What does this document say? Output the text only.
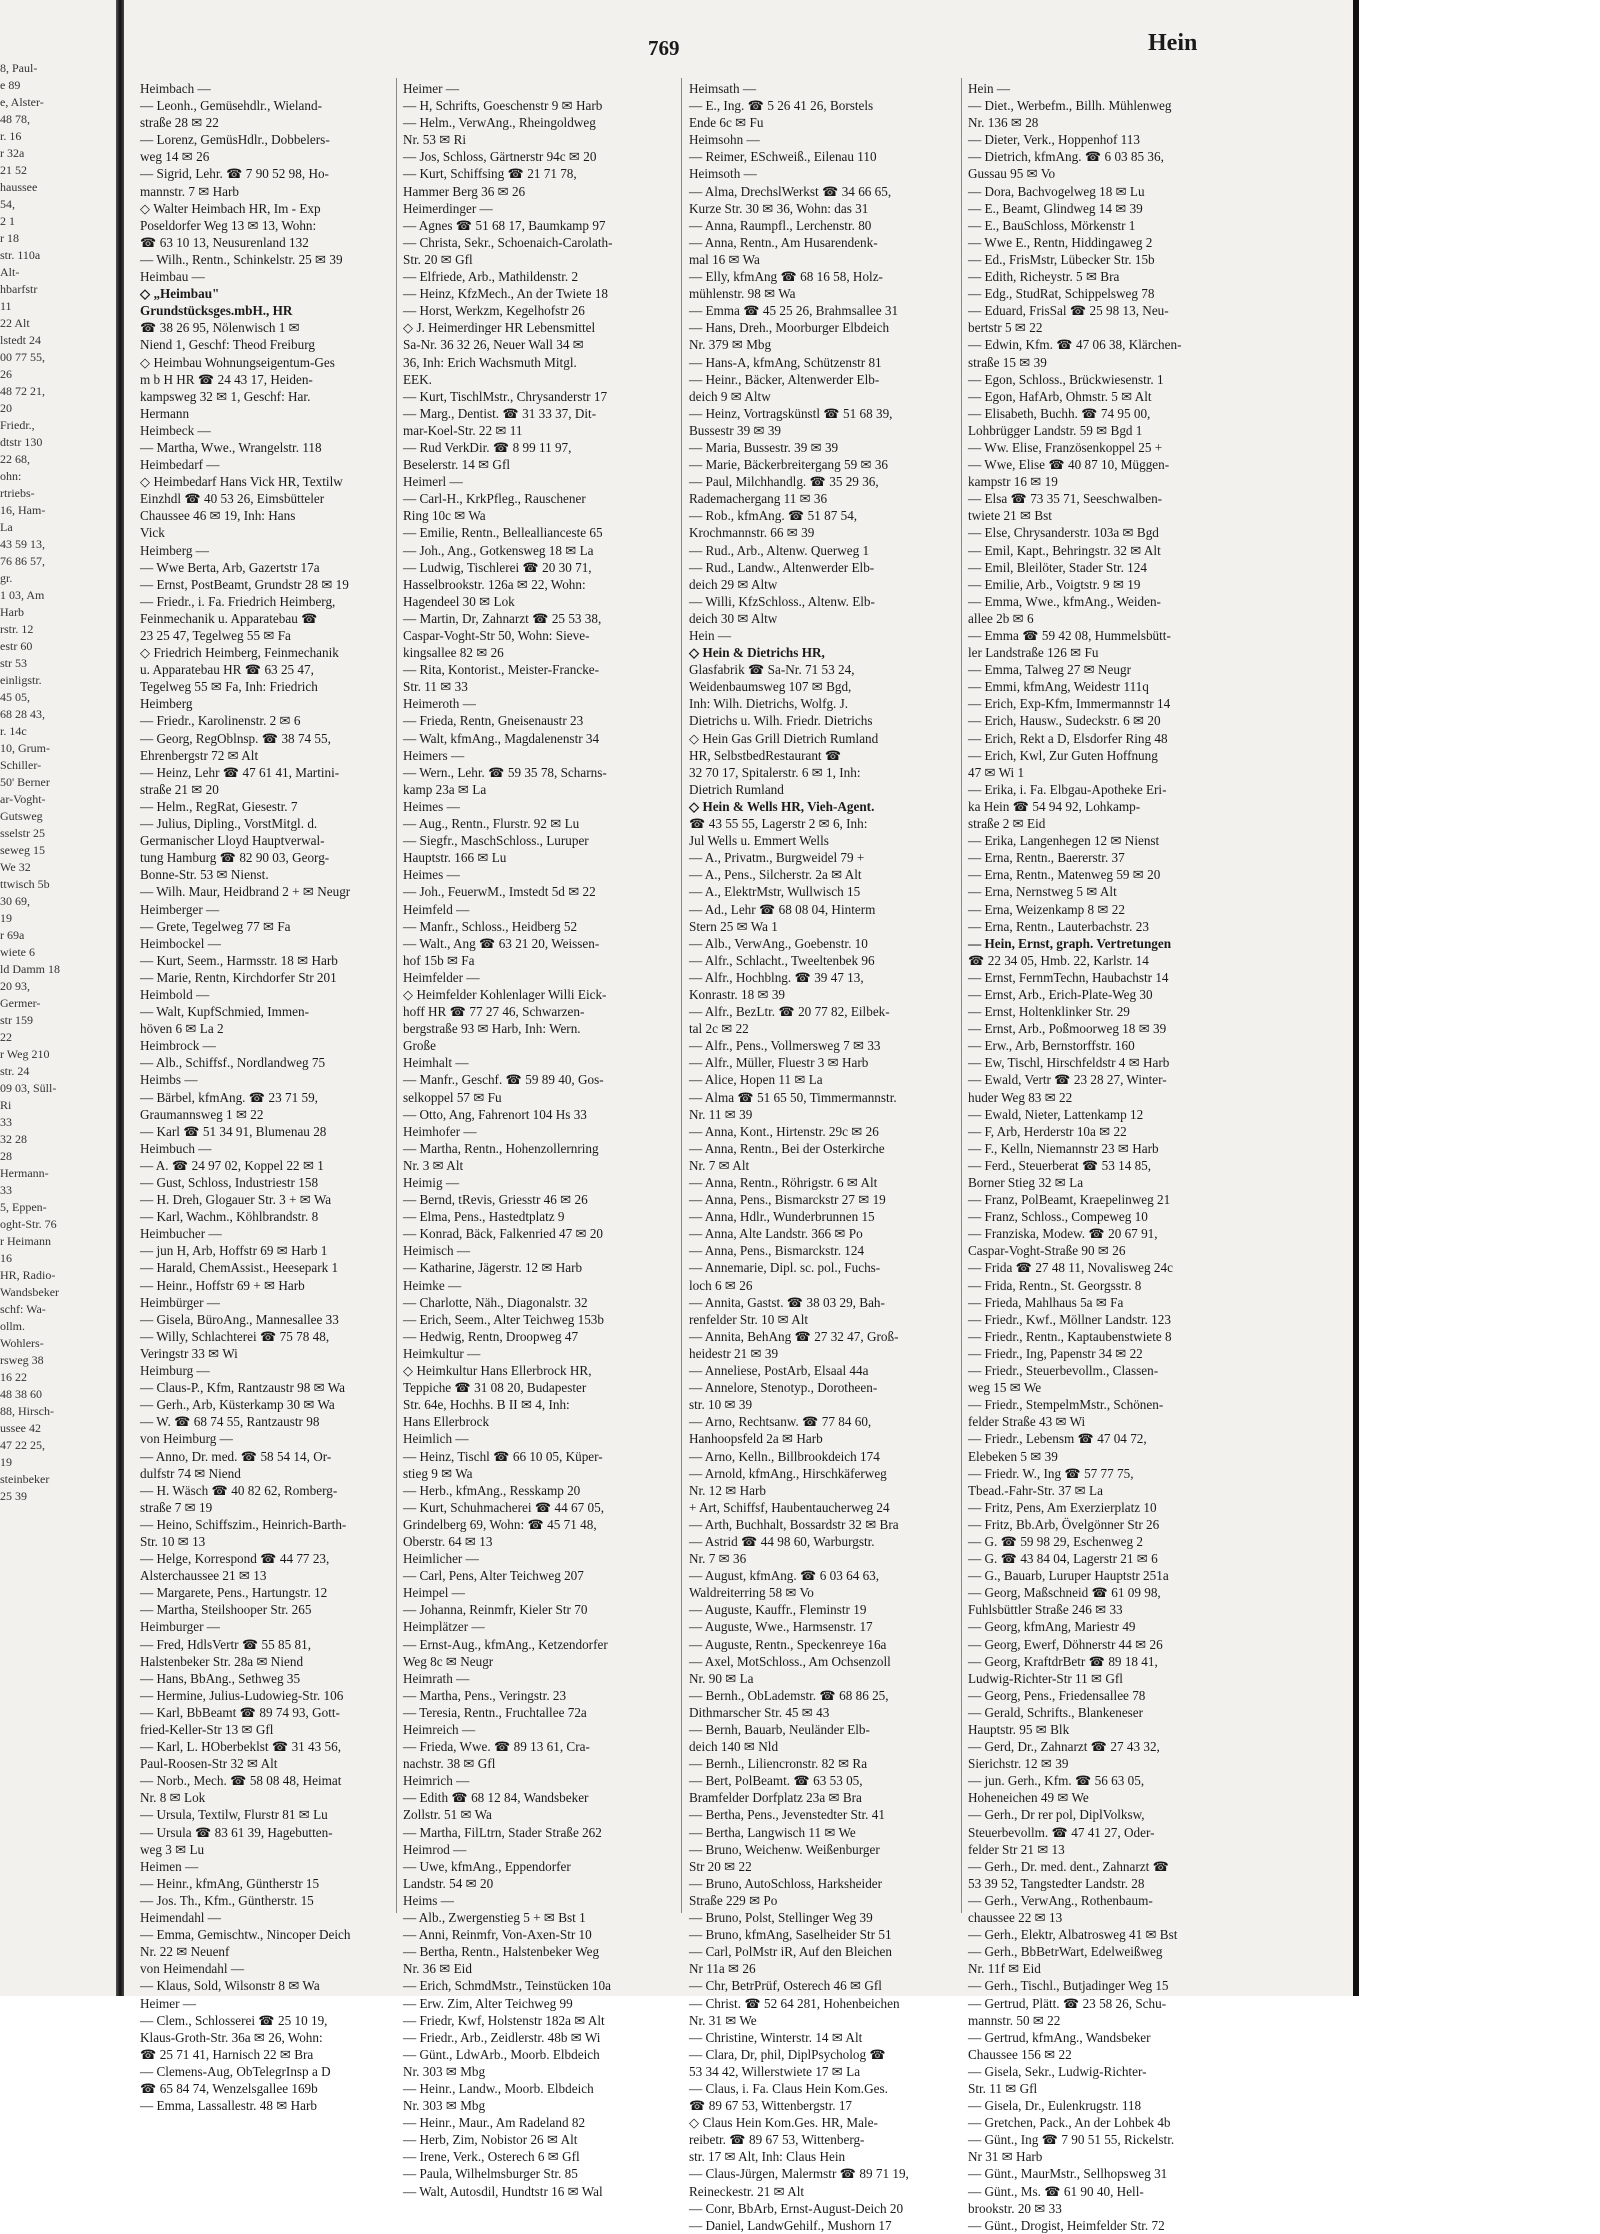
8, Paul-
e 89
e, Alster-
48 78,
r. 16
r 32a
21 52
haussee
54,
2 1
r 18
str. 110a
Alt-
hbarfstr
11
22 Alt
lstedt 24
00 77 55,
26
48 72 21,
20
Friedr.,
dtstr 130
22 68,
ohn:
rtriebs-
16, Ham-
La
43 59 13,
76 86 57,
gr.
1 03, Am
Harb
rstr. 12
estr 60
str 53
einligstr.
45 05,
68 28 43,
r. 14c
10, Grum-
Schiller-
50' Berner
ar-Voght-
Gutsweg
sselstr 25
seweg 15
We 32
ttwisch 5b
30 69,
19
r 69a
wiete 6
ld Damm 18
20 93,
Germer-
str 159
22
r Weg 210
str. 24
09 03, Süll-
Ri
33
32 28
28
Hermann-
33
5, Eppen-
oght-Str. 76
r Heimann
16
HR, Radio-
Wandsbeker
schf: Wa-
ollm.
Wohlers-
rsweg 38
16 22
48 38 60
88, Hirsch-
ussee 42
47 22 25,
19
steinbeker
25 39
769	Hein
Heimbach —
— Leonh., Gemüsehdlr., Wieland-
straße 28 ✉ 22
— Lorenz, GemüsHdlr., Dobbelers-
weg 14 ✉ 26
— Sigrid, Lehr. ☎ 7 90 52 98, Ho-
mannstr. 7 ✉ Harb
◇ Walter Heimbach HR, Im - Exp
Poseldorfer Weg 13 ✉ 13, Wohn:
☎ 63 10 13, Neusurenland 132
— Wilh., Rentn., Schinkelstr. 25 ✉ 39
Heimbau —
◇ „Heimbau"
Grundstücksges.mbH., HR
☎ 38 26 95, Nölenwisch 1 ✉
Niend 1, Geschf: Theod Freiburg
◇ Heimbau Wohnungseigentum-Ges
m b H HR ☎ 24 43 17, Heiden-
kampsweg 32 ✉ 1, Geschf: Har.
Hermann
Heimbeck —
— Martha, Wwe., Wrangelstr. 118
Heimbedarf —
◇ Heimbedarf Hans Vick HR, Textilw
Einzhdl ☎ 40 53 26, Eimsbütteler
Chaussee 46 ✉ 19, Inh: Hans
Vick
Heimberg —
— Wwe Berta, Arb, Gazertstr 17a
— Ernst, PostBeamt, Grundstr 28 ✉ 19
— Friedr., i. Fa. Friedrich Heimberg,
Feinmechanik u. Apparatebau ☎
23 25 47, Tegelweg 55 ✉ Fa
◇ Friedrich Heimberg, Feinmechanik
u. Apparatebau HR ☎ 63 25 47,
Tegelweg 55 ✉ Fa, Inh: Friedrich
Heimberg
— Friedr., Karolinenstr. 2 ✉ 6
— Georg, RegOblnsp. ☎ 38 74 55,
Ehrenbergstr 72 ✉ Alt
— Heinz, Lehr ☎ 47 61 41, Martini-
straße 21 ✉ 20
— Helm., RegRat, Giesestr. 7
— Julius, Dipling., VorstMitgl. d.
Germanischer Lloyd Hauptverwal-
tung Hamburg ☎ 82 90 03, Georg-
Bonne-Str. 53 ✉ Nienst.
— Wilh. Maur, Heidbrand 2 + ✉ Neugr
Heimberger —
— Grete, Tegelweg 77 ✉ Fa
Heimbockel —
— Kurt, Seem., Harmsstr. 18 ✉ Harb
— Marie, Rentn, Kirchdorfer Str 201
Heimbold —
— Walt, KupfSchmied, Immen-
höven 6 ✉ La 2
Heimbrock —
— Alb., Schiffsf., Nordlandweg 75
Heimbs —
— Bärbel, kfmAng. ☎ 23 71 59,
Graumannsweg 1 ✉ 22
— Karl ☎ 51 34 91, Blumenau 28
Heimbuch —
— A. ☎ 24 97 02, Koppel 22 ✉ 1
— Gust, Schloss, Industriestr 158
— H. Dreh, Glogauer Str. 3 + ✉ Wa
— Karl, Wachm., Köhlbrandstr. 8
Heimbucher —
— jun H, Arb, Hoffstr 69 ✉ Harb 1
— Harald, ChemAssist., Heesepark 1
— Heinr., Hoffstr 69 + ✉ Harb
Heimbürger —
— Gisela, BüroAng., Mannesallee 33
— Willy, Schlachterei ☎ 75 78 48,
Veringstr 33 ✉ Wi
Heimburg —
— Claus-P., Kfm, Rantzaustr 98 ✉ Wa
— Gerh., Arb, Küsterkamp 30 ✉ Wa
— W. ☎ 68 74 55, Rantzaustr 98
von Heimburg —
— Anno, Dr. med. ☎ 58 54 14, Or-
dulfstr 74 ✉ Niend
— H. Wäsch ☎ 40 82 62, Romberg-
straße 7 ✉ 19
— Heino, Schiffszim., Heinrich-Barth-
Str. 10 ✉ 13
— Helge, Korrespond ☎ 44 77 23,
Alsterchaussee 21 ✉ 13
— Margarete, Pens., Hartungstr. 12
— Martha, Steilshooper Str. 265
Heimburger —
— Fred, HdlsVertr ☎ 55 85 81,
Halstenbeker Str. 28a ✉ Niend
— Hans, BbAng., Sethweg 35
— Hermine, Julius-Ludowieg-Str. 106
— Karl, BbBeamt ☎ 89 74 93, Gott-
fried-Keller-Str 13 ✉ Gfl
— Karl, L. HOberbeklst ☎ 31 43 56,
Paul-Roosen-Str 32 ✉ Alt
— Norb., Mech. ☎ 58 08 48, Heimat
Nr. 8 ✉ Lok
— Ursula, Textilw, Flurstr 81 ✉ Lu
— Ursula ☎ 83 61 39, Hagebutten-
weg 3 ✉ Lu
Heimen —
— Heinr., kfmAng, Güntherstr 15
— Jos. Th., Kfm., Güntherstr. 15
Heimendahl —
— Emma, Gemischtw., Nincoper Deich
Nr. 22 ✉ Neuenf
von Heimendahl —
— Klaus, Sold, Wilsonstr 8 ✉ Wa
Heimer —
— Clem., Schlosserei ☎ 25 10 19,
Klaus-Groth-Str. 36a ✉ 26, Wohn:
☎ 25 71 41, Harnisch 22 ✉ Bra
— Clemens-Aug, ObTelegrInsp a D
☎ 65 84 74, Wenzelsgallee 169b
— Emma, Lassallestr. 48 ✉ Harb
Heimer —
— H, Schrifts, Goeschenstr 9 ✉ Harb
— Helm., VerwAng., Rheingoldweg
Nr. 53 ✉ Ri
— Jos, Schloss, Gärtnerstr 94c ✉ 20
— Kurt, Schiffsing ☎ 21 71 78,
Hammer Berg 36 ✉ 26
Heimerdinger —
— Agnes ☎ 51 68 17, Baumkamp 97
— Christa, Sekr., Schoenaich-Carolath-
Str. 20 ✉ Gfl
— Elfriede, Arb., Mathildenstr. 2
— Heinz, KfzMech., An der Twiete 18
— Horst, Werkzm, Kegelhofstr 26
◇ J. Heimerdinger HR Lebensmittel
Sa-Nr. 36 32 26, Neuer Wall 34 ✉
36, Inh: Erich Wachsmuth Mitgl.
EEK.
— Kurt, TischlMstr., Chrysanderstr 17
— Marg., Dentist. ☎ 31 33 37, Dit-
mar-Koel-Str. 22 ✉ 11
— Rud VerkDir. ☎ 8 99 11 97,
Beselerstr. 14 ✉ Gfl
Heimerl —
— Carl-H., KrkPfleg., Rauschener
Ring 10c ✉ Wa
— Emilie, Rentn., Belleallianceste 65
— Joh., Ang., Gotkensweg 18 ✉ La
— Ludwig, Tischlerei ☎ 20 30 71,
Hasselbrookstr. 126a ✉ 22, Wohn:
Hagendeel 30 ✉ Lok
— Martin, Dr, Zahnarzt ☎ 25 53 38,
Caspar-Voght-Str 50, Wohn: Sieve-
kingsallee 82 ✉ 26
— Rita, Kontorist., Meister-Francke-
Str. 11 ✉ 33
Heimeroth —
— Frieda, Rentn, Gneisenaustr 23
— Walt, kfmAng., Magdalenenstr 34
Heimers —
— Wern., Lehr. ☎ 59 35 78, Scharns-
kamp 23a ✉ La
Heimes —
— Aug., Rentn., Flurstr. 92 ✉ Lu
— Siegfr., MaschSchloss., Luruper
Hauptstr. 166 ✉ Lu
Heimes —
— Joh., FeuerwM., Imstedt 5d ✉ 22
Heimfeld —
— Manfr., Schloss., Heidberg 52
— Walt., Ang ☎ 63 21 20, Weissen-
hof 15b ✉ Fa
Heimfelder —
◇ Heimfelder Kohlenlager Willi Eick-
hoff HR ☎ 77 27 46, Schwarzen-
bergstraße 93 ✉ Harb, Inh: Wern.
Große
Heimhalt —
— Manfr., Geschf. ☎ 59 89 40, Gos-
selkoppel 57 ✉ Fu
— Otto, Ang, Fahrenort 104 Hs 33
Heimhofer —
— Martha, Rentn., Hohenzollernring
Nr. 3 ✉ Alt
Heimig —
— Bernd, tRevis, Griesstr 46 ✉ 26
— Elma, Pens., Hastedtplatz 9
— Konrad, Bäck, Falkenried 47 ✉ 20
Heimisch —
— Katharine, Jägerstr. 12 ✉ Harb
Heimke —
— Charlotte, Näh., Diagonalstr. 32
— Erich, Seem., Alter Teichweg 153b
— Hedwig, Rentn, Droopweg 47
Heimkultur —
◇ Heimkultur Hans Ellerbrock HR,
Teppiche ☎ 31 08 20, Budapester
Str. 64e, Hochhs. B II ✉ 4, Inh:
Hans Ellerbrock
Heimlich —
— Heinz, Tischl ☎ 66 10 05, Küper-
stieg 9 ✉ Wa
— Herb., kfmAng., Resskamp 20
— Kurt, Schuhmacherei ☎ 44 67 05,
Grindelberg 69, Wohn: ☎ 45 71 48,
Oberstr. 64 ✉ 13
Heimlicher —
— Carl, Pens, Alter Teichweg 207
Heimpel —
— Johanna, Reinmfr, Kieler Str 70
Heimplätzer —
— Ernst-Aug., kfmAng., Ketzendorfer
Weg 8c ✉ Neugr
Heimrath —
— Martha, Pens., Veringstr. 23
— Teresia, Rentn., Fruchtallee 72a
Heimreich —
— Frieda, Wwe. ☎ 89 13 61, Cra-
nachstr. 38 ✉ Gfl
Heimrich —
— Edith ☎ 68 12 84, Wandsbeker
Zollstr. 51 ✉ Wa
— Martha, FilLtrn, Stader Straße 262
Heimrod —
— Uwe, kfmAng., Eppendorfer
Landstr. 54 ✉ 20
Heims —
— Alb., Zwergenstieg 5 + ✉ Bst 1
— Anni, Reinmfr, Von-Axen-Str 10
— Bertha, Rentn., Halstenbeker Weg
Nr. 36 ✉ Eid
— Erich, SchmdMstr., Teinstücken 10a
— Erw. Zim, Alter Teichweg 99
— Friedr, Kwf, Holstenstr 182a ✉ Alt
— Friedr., Arb., Zeidlerstr. 48b ✉ Wi
— Günt., LdwArb., Moorb. Elbdeich
Nr. 303 ✉ Mbg
— Heinr., Landw., Moorb. Elbdeich
Nr. 303 ✉ Mbg
— Heinr., Maur., Am Radeland 82
— Herb, Zim, Nobistor 26 ✉ Alt
— Irene, Verk., Osterech 6 ✉ Gfl
— Paula, Wilhelmsburger Str. 85
— Walt, Autosdil, Hundtstr 16 ✉ Wal
Heimsath —
— E., Ing. ☎ 5 26 41 26, Borstels
Ende 6c ✉ Fu
Heimsohn —
— Reimer, ESchweiß., Eilenau 110
Heimsoth —
— Alma, DrechslWerkst ☎ 34 66 65,
Kurze Str. 30 ✉ 36, Wohn: das 31
— Anna, Raumpfl., Lerchenstr. 80
— Anna, Rentn., Am Husarendenk-
mal 16 ✉ Wa
— Elly, kfmAng ☎ 68 16 58, Holz-
mühlenstr. 98 ✉ Wa
— Emma ☎ 45 25 26, Brahmsallee 31
— Hans, Dreh., Moorburger Elbdeich
Nr. 379 ✉ Mbg
— Hans-A, kfmAng, Schützenstr 81
— Heinr., Bäcker, Altenwerder Elb-
deich 9 ✉ Altw
— Heinz, Vortragskünstl ☎ 51 68 39,
Bussestr 39 ✉ 39
— Maria, Bussestr. 39 ✉ 39
— Marie, Bäckerbreitergang 59 ✉ 36
— Paul, Milchhandlg. ☎ 35 29 36,
Rademachergang 11 ✉ 36
— Rob., kfmAng. ☎ 51 87 54,
Krochmannstr. 66 ✉ 39
— Rud., Arb., Altenw. Querweg 1
— Rud., Landw., Altenwerder Elb-
deich 29 ✉ Altw
— Willi, KfzSchloss., Altenw. Elb-
deich 30 ✉ Altw
Hein —
◇ Hein & Dietrichs HR,
Glasfabrik ☎ Sa-Nr. 71 53 24,
Weidenbaumsweg 107 ✉ Bgd,
Inh: Wilh. Dietrichs, Wolfg. J.
Dietrichs u. Wilh. Friedr. Dietrichs
◇ Hein Gas Grill Dietrich Rumland
HR, SelbstbedRestaurant ☎
32 70 17, Spitalerstr. 6 ✉ 1, Inh:
Dietrich Rumland
◇ Hein & Wells HR, Vieh-Agent.
☎ 43 55 55, Lagerstr 2 ✉ 6, Inh:
Jul Wells u. Emmert Wells
— A., Privatm., Burgweidel 79 +
— A., Pens., Silcherstr. 2a ✉ Alt
— A., ElektrMstr, Wullwisch 15
— Ad., Lehr ☎ 68 08 04, Hinterm
Stern 25 ✉ Wa 1
— Alb., VerwAng., Goebenstr. 10
— Alfr., Schlacht., Tweeltenbek 96
— Alfr., Hochblng. ☎ 39 47 13,
Konrastr. 18 ✉ 39
— Alfr., BezLtr. ☎ 20 77 82, Eilbek-
tal 2c ✉ 22
— Alfr., Pens., Vollmersweg 7 ✉ 33
— Alfr., Müller, Fluestr 3 ✉ Harb
— Alice, Hopen 11 ✉ La
— Alma ☎ 51 65 50, Timmermannstr.
Nr. 11 ✉ 39
— Anna, Kont., Hirtenstr. 29c ✉ 26
— Anna, Rentn., Bei der Osterkirche
Nr. 7 ✉ Alt
— Anna, Rentn., Röhrigstr. 6 ✉ Alt
— Anna, Pens., Bismarckstr 27 ✉ 19
— Anna, Hdlr., Wunderbrunnen 15
— Anna, Alte Landstr. 366 ✉ Po
— Anna, Pens., Bismarckstr. 124
— Annemarie, Dipl. sc. pol., Fuchs-
loch 6 ✉ 26
— Annita, Gastst. ☎ 38 03 29, Bah-
renfelder Str. 10 ✉ Alt
— Annita, BehAng ☎ 27 32 47, Groß-
heidestr 21 ✉ 39
— Anneliese, PostArb, Elsaal 44a
— Annelore, Stenotyp., Dorotheen-
str. 10 ✉ 39
— Arno, Rechtsanw. ☎ 77 84 60,
Hanhoopsfeld 2a ✉ Harb
— Arno, Kelln., Billbrookdeich 174
— Arnold, kfmAng., Hirschkäferweg
Nr. 12 ✉ Harb
+ Art, Schiffsf, Haubentaucherweg 24
— Arth, Buchhalt, Bossardstr 32 ✉ Bra
— Astrid ☎ 44 98 60, Warburgstr.
Nr. 7 ✉ 36
— August, kfmAng. ☎ 6 03 64 63,
Waldreiterring 58 ✉ Vo
— Auguste, Kauffr., Fleminstr 19
— Auguste, Wwe., Harmsenstr. 17
— Auguste, Rentn., Speckenreye 16a
— Axel, MotSchloss., Am Ochsenzoll
Nr. 90 ✉ La
— Bernh., ObLademstr. ☎ 68 86 25,
Dithmarscher Str. 45 ✉ 43
— Bernh, Bauarb, Neuländer Elb-
deich 140 ✉ Nld
— Bernh., Liliencronstr. 82 ✉ Ra
— Bert, PolBeamt. ☎ 63 53 05,
Bramfelder Dorfplatz 23a ✉ Bra
— Bertha, Pens., Jevenstedter Str. 41
— Bertha, Langwisch 11 ✉ We
— Bruno, Weichenw. Weißenburger
Str 20 ✉ 22
— Bruno, AutoSchloss, Harksheider
Straße 229 ✉ Po
— Bruno, Polst, Stellinger Weg 39
— Bruno, kfmAng, Saselheider Str 51
— Carl, PolMstr iR, Auf den Bleichen
Nr 11a ✉ 26
— Chr, BetrPrüf, Osterech 46 ✉ Gfl
— Christ. ☎ 52 64 281, Hohenbeichen
Nr. 31 ✉ We
— Christine, Winterstr. 14 ✉ Alt
— Clara, Dr, phil, DiplPsycholog ☎
53 34 42, Willerstwiete 17 ✉ La
— Claus, i. Fa. Claus Hein Kom.Ges.
☎ 89 67 53, Wittenbergstr. 17
◇ Claus Hein Kom.Ges. HR, Male-
reibetr. ☎ 89 67 53, Wittenberg-
str. 17 ✉ Alt, Inh: Claus Hein
— Claus-Jürgen, Malermstr ☎ 89 71 19,
Reineckestr. 21 ✉ Alt
— Conr, BbArb, Ernst-August-Deich 20
— Daniel, LandwGehilf., Mushorn 17
Hein —
— Diet., Werbefm., Billh. Mühlenweg
Nr. 136 ✉ 28
— Dieter, Verk., Hoppenhof 113
— Dietrich, kfmAng. ☎ 6 03 85 36,
Gussau 95 ✉ Vo
— Dora, Bachvogelweg 18 ✉ Lu
— E., Beamt, Glindweg 14 ✉ 39
— E., BauSchloss, Mörkenstr 1
— Wwe E., Rentn, Hiddingaweg 2
— Ed., FrisMstr, Lübecker Str. 15b
— Edith, Richeystr. 5 ✉ Bra
— Edg., StudRat, Schippelsweg 78
— Eduard, FrisSal ☎ 25 98 13, Neu-
bertstr 5 ✉ 22
— Edwin, Kfm. ☎ 47 06 38, Klärchen-
straße 15 ✉ 39
— Egon, Schloss., Brückwiesenstr. 1
— Egon, HafArb, Ohmstr. 5 ✉ Alt
— Elisabeth, Buchh. ☎ 74 95 00,
Lohbrügger Landstr. 59 ✉ Bgd 1
— Ww. Elise, Französenkoppel 25 +
— Wwe, Elise ☎ 40 87 10, Müggen-
kampstr 16 ✉ 19
— Elsa ☎ 73 35 71, Seeschwalben-
twiete 21 ✉ Bst
— Else, Chrysanderstr. 103a ✉ Bgd
— Emil, Kapt., Behringstr. 32 ✉ Alt
— Emil, Bleilöter, Stader Str. 124
— Emilie, Arb., Voigtstr. 9 ✉ 19
— Emma, Wwe., kfmAng., Weiden-
allee 2b ✉ 6
— Emma ☎ 59 42 08, Hummelsbütt-
ler Landstraße 126 ✉ Fu
— Emma, Talweg 27 ✉ Neugr
— Emmi, kfmAng, Weidestr 111q
— Erich, Exp-Kfm, Immermannstr 14
— Erich, Hausw., Sudeckstr. 6 ✉ 20
— Erich, Rekt a D, Elsdorfer Ring 48
— Erich, Kwl, Zur Guten Hoffnung
47 ✉ Wi 1
— Erika, i. Fa. Elbgau-Apotheke Eri-
ka Hein ☎ 54 94 92, Lohkamp-
straße 2 ✉ Eid
— Erika, Langenhegen 12 ✉ Nienst
— Erna, Rentn., Baererstr. 37
— Erna, Rentn., Matenweg 59 ✉ 20
— Erna, Nernstweg 5 ✉ Alt
— Erna, Weizenkamp 8 ✉ 22
— Erna, Rentn., Lauterbachstr. 23
— Hein, Ernst, graph. Vertretungen
☎ 22 34 05, Hmb. 22, Karlstr. 14
— Ernst, FernmTechn, Haubachstr 14
— Ernst, Arb., Erich-Plate-Weg 30
— Ernst, Holtenklinker Str. 29
— Ernst, Arb., Poßmoorweg 18 ✉ 39
— Erw., Arb, Bernstorffstr. 160
— Ew, Tischl, Hirschfeldstr 4 ✉ Harb
— Ewald, Vertr ☎ 23 28 27, Winter-
huder Weg 83 ✉ 22
— Ewald, Nieter, Lattenkamp 12
— F, Arb, Herderstr 10a ✉ 22
— F., Kelln, Niemannstr 23 ✉ Harb
— Ferd., Steuerberat ☎ 53 14 85,
Borner Stieg 32 ✉ La
— Franz, PolBeamt, Kraepelinweg 21
— Franz, Schloss., Compeweg 10
— Franziska, Modew. ☎ 20 67 91,
Caspar-Voght-Straße 90 ✉ 26
— Frida ☎ 27 48 11, Novalisweg 24c
— Frida, Rentn., St. Georgsstr. 8
— Frieda, Mahlhaus 5a ✉ Fa
— Friedr., Kwf., Möllner Landstr. 123
— Friedr., Rentn., Kaptaubenstwiete 8
— Friedr., Ing, Papenstr 34 ✉ 22
— Friedr., Steuerbevollm., Classen-
weg 15 ✉ We
— Friedr., StempelmMstr., Schönen-
felder Straße 43 ✉ Wi
— Friedr., Lebensm ☎ 47 04 72,
Elebeken 5 ✉ 39
— Friedr. W., Ing ☎ 57 77 75,
Tbead.-Fahr-Str. 37 ✉ La
— Fritz, Pens, Am Exerzierplatz 10
— Fritz, Bb.Arb, Övelgönner Str 26
— G. ☎ 59 98 29, Eschenweg 2
— G. ☎ 43 84 04, Lagerstr 21 ✉ 6
— G., Bauarb, Luruper Hauptstr 251a
— Georg, Maßschneid ☎ 61 09 98,
Fuhlsbüttler Straße 246 ✉ 33
— Georg, kfmAng, Mariestr 49
— Georg, Ewerf, Döhnerstr 44 ✉ 26
— Georg, KraftdrBetr ☎ 89 18 41,
Ludwig-Richter-Str 11 ✉ Gfl
— Georg, Pens., Friedensallee 78
— Gerald, Schrifts., Blankeneser
Hauptstr. 95 ✉ Blk
— Gerd, Dr., Zahnarzt ☎ 27 43 32,
Sierichstr. 12 ✉ 39
— jun. Gerh., Kfm. ☎ 56 63 05,
Hoheneichen 49 ✉ We
— Gerh., Dr rer pol, DiplVolksw,
Steuerbevollm. ☎ 47 41 27, Oder-
felder Str 21 ✉ 13
— Gerh., Dr. med. dent., Zahnarzt ☎
53 39 52, Tangstedter Landstr. 28
— Gerh., VerwAng., Rothenbaum-
chaussee 22 ✉ 13
— Gerh., Elektr, Albatrosweg 41 ✉ Bst
— Gerh., BbBetrWart, Edelweißweg
Nr. 11f ✉ Eid
— Gerh., Tischl., Butjadinger Weg 15
— Gertrud, Plätt. ☎ 23 58 26, Schu-
mannstr. 50 ✉ 22
— Gertrud, kfmAng., Wandsbeker
Chaussee 156 ✉ 22
— Gisela, Sekr., Ludwig-Richter-
Str. 11 ✉ Gfl
— Gisela, Dr., Eulenkrugstr. 118
— Gretchen, Pack., An der Lohbek 4b
— Günt., Ing ☎ 7 90 51 55, Rickelstr.
Nr 31 ✉ Harb
— Günt., MaurMstr., Sellhopsweg 31
— Günt., Ms. ☎ 61 90 40, Hell-
brookstr. 20 ✉ 33
— Günt., Drogist, Heimfelder Str. 72
